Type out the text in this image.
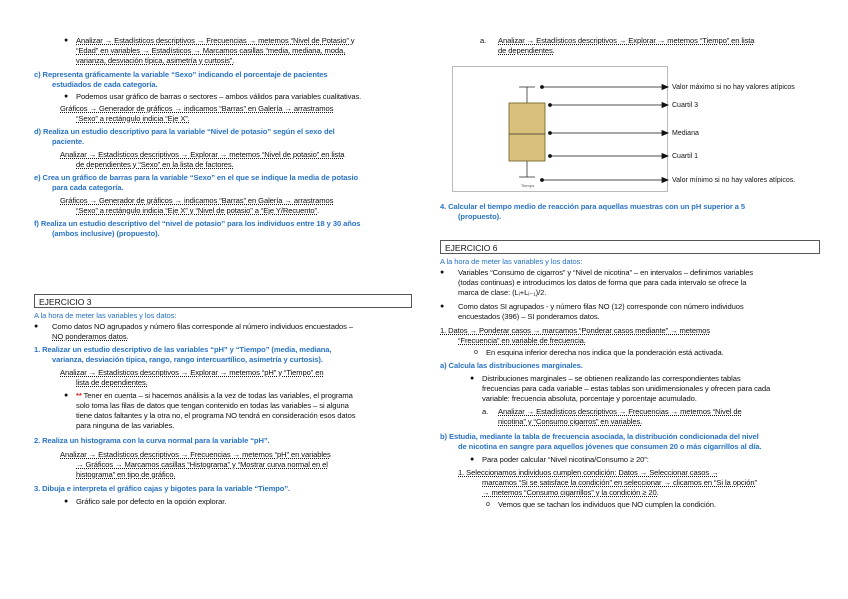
● Analizar → Estadísticos descriptivos → Frecuencias → metemos “Nivel de Potasio” y
“Edad” en variables → Estadísticos → Marcamos casillas “media, mediana, moda,
varianza, desviación típica, asimetría y curtosis”.
c) Representa gráficamente la variable “Sexo” indicando el porcentaje de pacientes
estudiados de cada categoría.
● Podemos usar gráfico de barras o sectores – ambos válidos para variables cualitativas.
Gráficos → Generador de gráficos → indicamos “Barras” en Galería → arrastramos
“Sexo” a rectángulo indicia “Eje X”.
d) Realiza un estudio descriptivo para la variable “Nivel de potasio” según el sexo del
paciente.
Analizar → Estadísticos descriptivos → Explorar → metemos “Nivel de potasio” en lista
de dependientes y “Sexo” en la lista de factores.
e) Crea un gráfico de barras para la variable “Sexo” en el que se indique la media de potasio
para cada categoría.
Gráficos → Generador de gráficos → indicamos “Barras” en Galería → arrastramos
“Sexo” a rectángulo indicia “Eje X” y “Nivel de potasio” a “Eje Y/Recuento”.
f) Realiza un estudio descriptivo del “nivel de potasio” para los individuos entre 18 y 30 años
(ambos inclusive) (propuesto).
EJERCICIO 3
A la hora de meter las variables y los datos:
● Como datos NO agrupados y número filas corresponde al número individuos encuestados –
NO ponderamos datos.
1. Realizar un estudio descriptivo de las variables “pH” y “Tiempo” (media, mediana,
varianza, desviación típica, rango, rango intercuartílico, asimetría y curtosis).
Analizar → Estadísticos descriptivos → Explorar → metemos “pH” y “Tiempo” en
lista de dependientes.
● ** Tener en cuenta – si hacemos análisis a la vez de todas las variables, el programa
solo toma las filas de datos que tengan contenido en todas las variables – si alguna
tiene datos faltantes y la otra no, el programa NO tendrá en consideración esos datos
para ninguna de las variables.
2. Realiza un histograma con la curva normal para la variable “pH”.
Analizar → Estadísticos descriptivos → Frecuencias → metemos “pH” en variables
→ Gráficos → Marcamos casillas “Histograma” y “Mostrar curva normal en el
histograma” en tipo de gráfico.
3. Dibuja e interpreta el gráfico cajas y bigotes para la variable “Tiempo”.
● Gráfico sale por defecto en la opción explorar.
a. Analizar → Estadísticos descriptivos → Explorar → metemos “Tiempo” en lista
de dependientes.
4. Calcular el tiempo medio de reacción para aquellas muestras con un pH superior a 5
(propuesto).
EJERCICIO 6
A la hora de meter las variables y los datos:
● Variables “Consumo de cigarros” y “Nivel de nicotina” – en intervalos – definimos variables
(todas continuas) e introducimos los datos de forma que para cada intervalo se ofrece la
marca de clase: (Lᵢ+Lᵢ₋₁)/2.
● Como datos SI agrupados - y número filas NO (12) corresponde con número individuos
encuestados (396) – SI ponderamos datos.
1. Datos → Ponderar casos → marcamos “Ponderar casos mediante” → metemos
“Frecuencia” en variable de frecuencia.
o En esquina inferior derecha nos indica que la ponderación está activada.
a) Calcula las distribuciones marginales.
● Distribuciones marginales – se obtienen realizando las correspondientes tablas
frecuencias para cada variable – estas tablas son unidimensionales y ofrecen para cada
variable: frecuencia absoluta, porcentaje y porcentaje acumulado.
a. Analizar → Estadísticos descriptivos → Frecuencias → metemos “Nivel de
nicotina” y “Consumo cigarros” en variables.
b) Estudia, mediante la tabla de frecuencia asociada, la distribución condicionada del nivel
de nicotina en sangre para aquellos jóvenes que consumen 20 o más cigarrillos al día.
● Para poder calcular “Nivel nicotina/Consumo ≥ 20”:
1. Seleccionamos individuos cumplen condición: Datos → Seleccionar casos →
marcamos “Si se satisface la condición” en seleccionar → clicamos en “Si la opción”
→ metemos “Consumo cigarrillos” y la condición ≥ 20.
o Vemos que se tachan los individuos que NO cumplen la condición.
Tiempo
Valor máximo si no hay valores atípicos
Cuartil 3
Mediana
Cuartil 1
Valor mínimo si no hay valores atípicos.
